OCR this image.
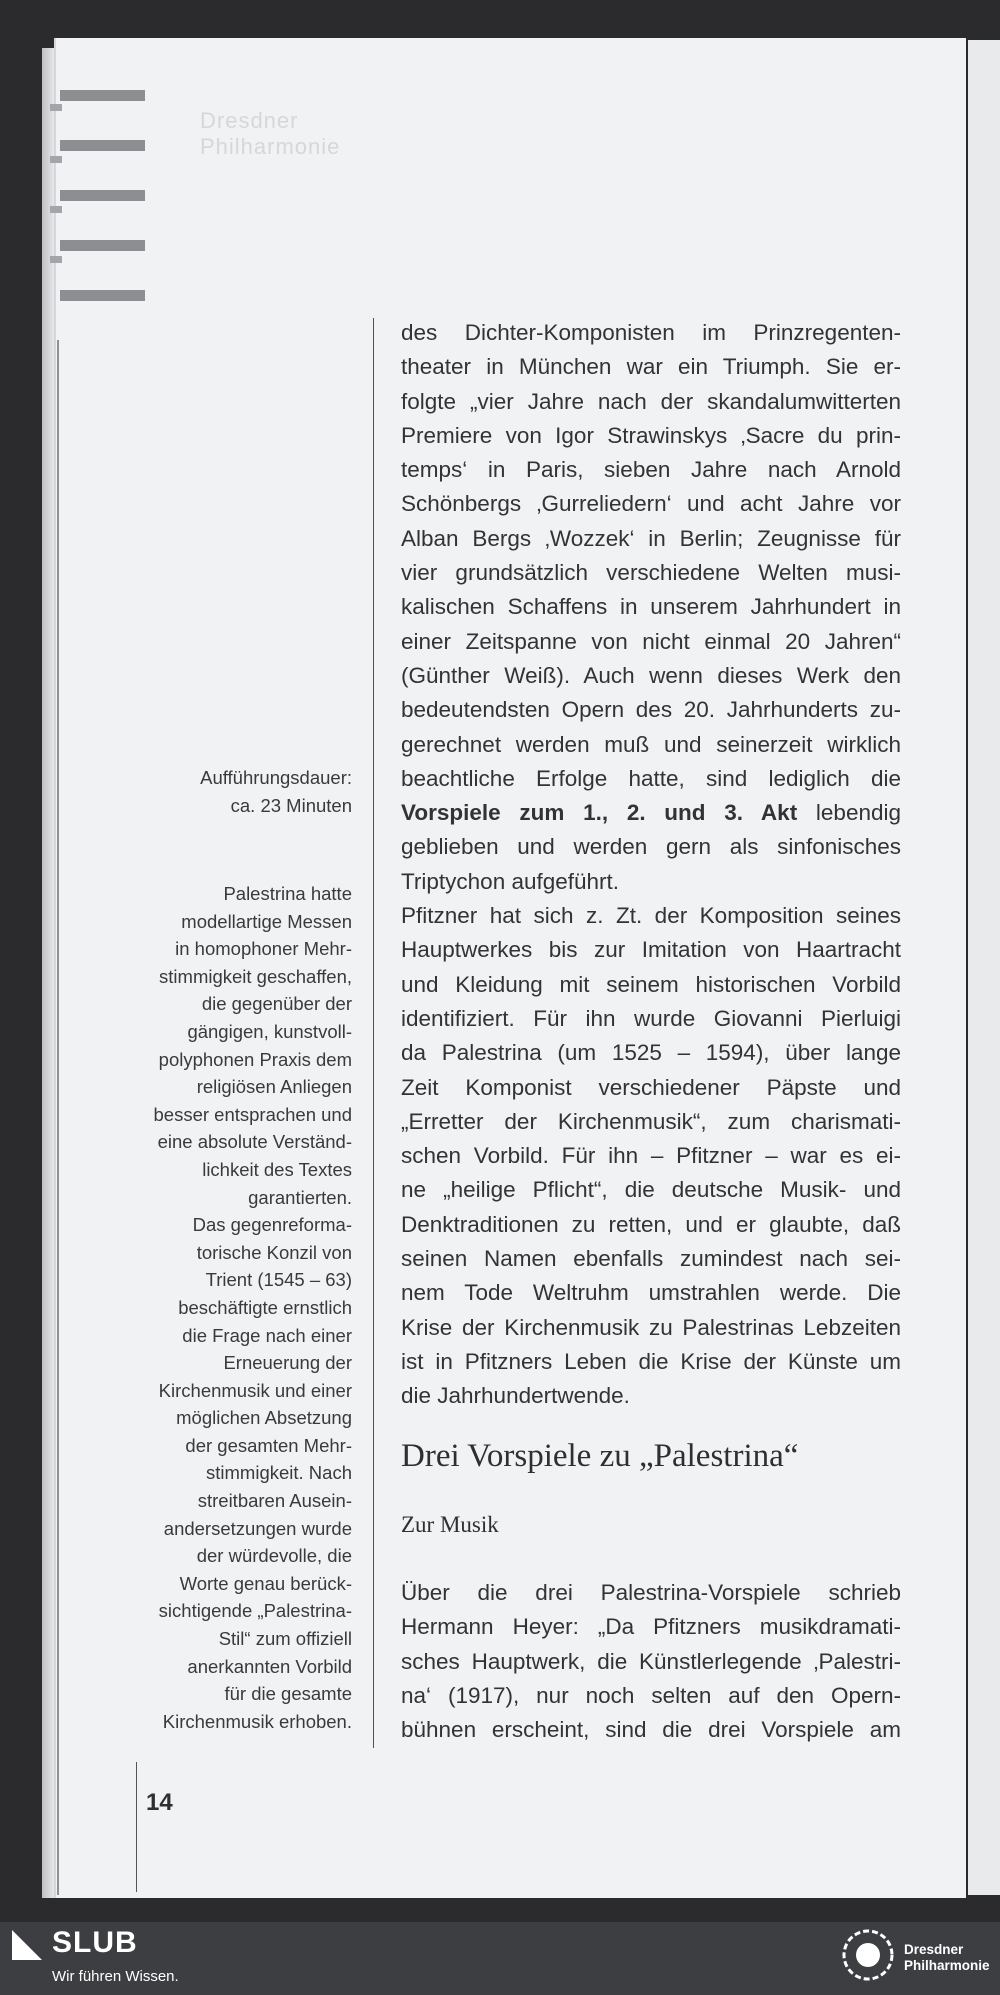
Dresdner
Philharmonie

Aufführungsdauer:

ca. 23 Minuten

Palestrina hatte
modellartige Messen
in homophoner Mehr-
stimmigkeit geschaffen,
die gegenüber der
gängigen, kunstvoll-
polyphonen Praxis dem
religiösen Anliegen
besser entsprachen und
eine absolute Verständ-
lichkeit des Textes
garantierten.
Das gegenreforma-
torische Konzil von
Trient (1545 – 63)
beschäftigte ernstlich
die Frage nach einer
Erneuerung der
Kirchenmusik und einer
möglichen Absetzung
der gesamten Mehr-
stimmigkeit. Nach
streitbaren Ausein-
andersetzungen wurde
der würdevolle, die
Worte genau berück-
sichtigende „Palestrina-
Stil“ zum offiziell
anerkannten Vorbild
für die gesamte
Kirchenmusik erhoben.

des Dichter-Komponisten im Prinzregenten-
theater in München war ein Triumph. Sie er-
folgte „vier Jahre nach der skandalumwitterten
Premiere von Igor Strawinskys ‚Sacre du prin-
temps‘ in Paris, sieben Jahre nach Arnold
Schönbergs ‚Gurreliedern‘ und acht Jahre vor
Alban Bergs ‚Wozzek‘ in Berlin; Zeugnisse für
vier grundsätzlich verschiedene Welten musi-
kalischen Schaffens in unserem Jahrhundert in
einer Zeitspanne von nicht einmal 20 Jahren“
(Günther Weiß). Auch wenn dieses Werk den
bedeutendsten Opern des 20. Jahrhunderts zu-
gerechnet werden muß und seinerzeit wirklich
beachtliche Erfolge hatte, sind lediglich die

Vorspiele zum 1., 2. und 3. Akt lebendig

geblieben und werden gern als sinfonisches
Triptychon aufgeführt.

Pfitzner hat sich z. Zt. der Komposition seines
Hauptwerkes bis zur Imitation von Haartracht
und Kleidung mit seinem historischen Vorbild
identifiziert. Für ihn wurde Giovanni Pierluigi
da Palestrina (um 1525 – 1594), über lange
Zeit Komponist verschiedener Päpste und
„Erretter der Kirchenmusik“, zum charismati-
schen Vorbild. Für ihn – Pfitzner – war es ei-
ne „heilige Pflicht“, die deutsche Musik- und
Denktraditionen zu retten, und er glaubte, daß
seinen Namen ebenfalls zumindest nach sei-
nem Tode Weltruhm umstrahlen werde. Die
Krise der Kirchenmusik zu Palestrinas Lebzeiten
ist in Pfitzners Leben die Krise der Künste um
die Jahrhundertwende.

Drei Vorspiele zu „Palestrina“
Zur Musik

Über die drei Palestrina-Vorspiele schrieb
Hermann Heyer: „Da Pfitzners musikdramati-
sches Hauptwerk, die Künstlerlegende ‚Palestri-
na‘ (1917), nur noch selten auf den Opern-
bühnen erscheint, sind die drei Vorspiele am

14
SLUB
Wir führen Wissen.
Dresdner
Philharmonie
